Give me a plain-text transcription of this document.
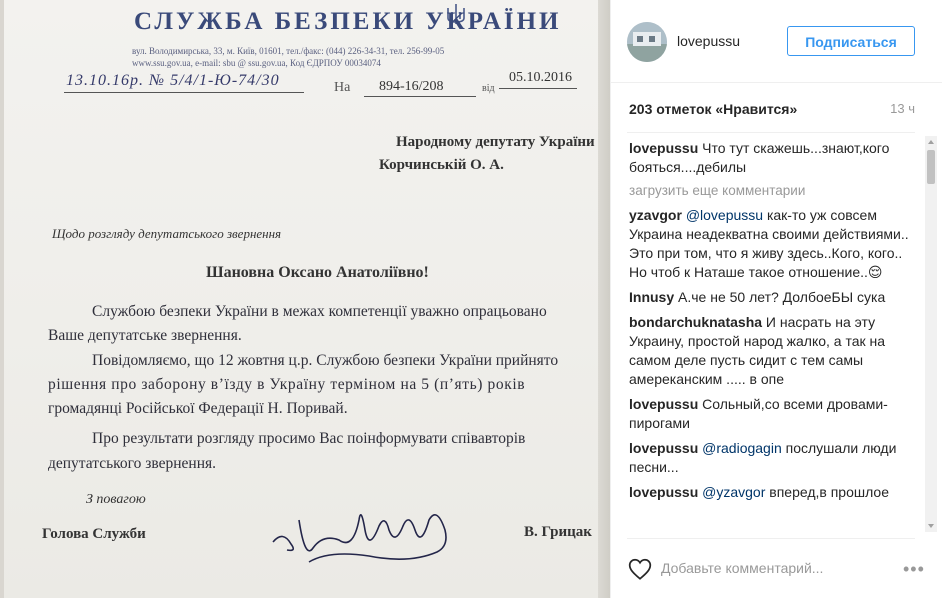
СЛУЖБА БЕЗПЕКИ УКРАЇНИ
вул. Володимирська, 33, м. Київ, 01601, тел./факс: (044) 226-34-31, тел. 256-99-05
www.ssu.gov.ua, e-mail: sbu @ ssu.gov.ua, Код ЄДРПОУ 00034074
13.10.16р. № 5/4/1-Ю-74/30	На 894-16/208	від
05.10.2016
Народному депутату України
Корчинській О. А.
Щодо розгляду депутатського звернення
Шановна Оксано Анатоліївно!
Службою безпеки України в межах компетенції уважно опрацьовано
Ваше депутатське звернення.
Повідомляємо, що 12 жовтня ц.р. Службою безпеки України прийнято
рішення про заборону в’їзду в Україну терміном на 5 (п’ять) років
громадянці Російської Федерації Н. Поривай.
Про результати розгляду просимо Вас поінформувати співавторів
депутатського звернення.
З повагою
Голова Служби	В. Грицак
lovepussu	Подписаться
203 отметок «Нравится»	13 ч
lovepussu Что тут скажешь...знают,кого бояться....дебилы
загрузить еще комментарии
yzavgor @lovepussu как-то уж совсем Украина неадекватна своими действиями.. Это при том, что я живу здесь..Кого, кого.. Но чтоб к Наташе такое отношение..😌
Innusy А.че не 50 лет? ДолбоеБЫ сука
bondarchuknatasha И насрать на эту Украину, простой народ жалко, а так на самом деле пусть сидит с тем самы амереканским ..... в опе
lovepussu Сольный,со всеми дровами-пирогами
lovepussu @radiogagin послушали люди песни...
lovepussu @yzavgor вперед,в прошлое
Добавьте комментарий...	•••
